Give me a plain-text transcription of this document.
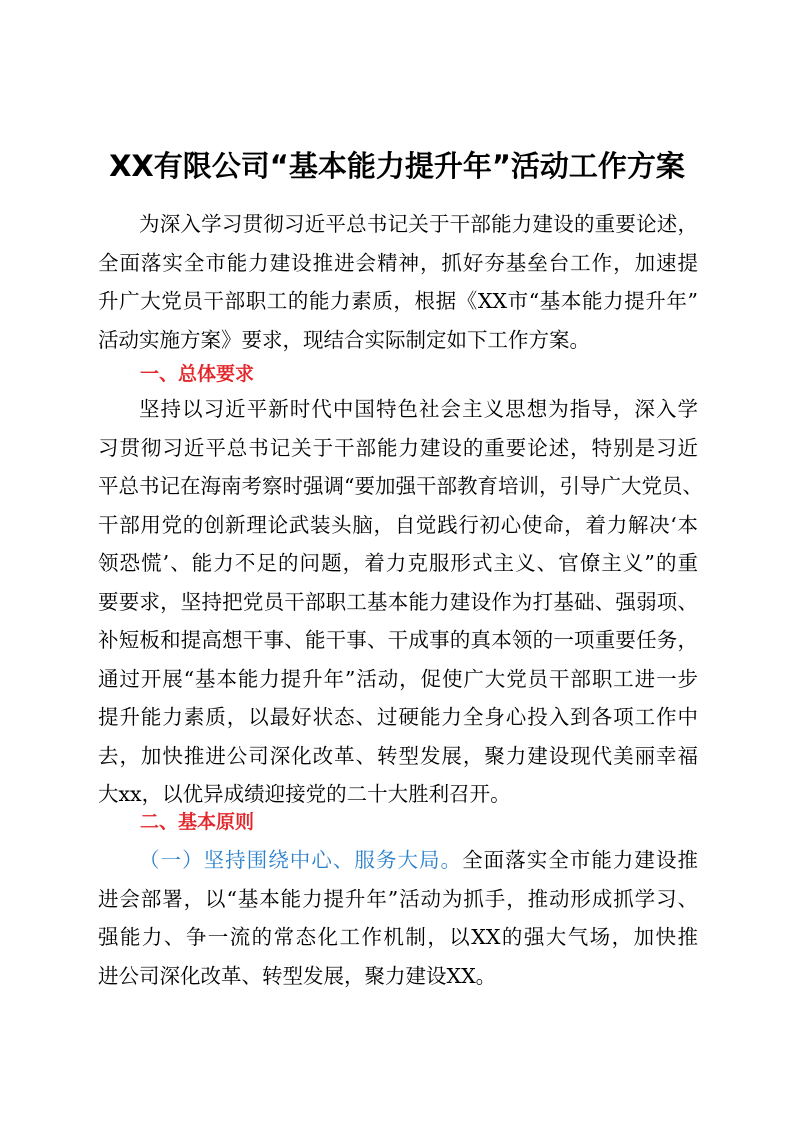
XX有限公司“基本能力提升年”活动工作方案
为深入学习贯彻习近平总书记关于干部能力建设的重要论述，
全面落实全市能力建设推进会精神，抓好夯基垒台工作，加速提
升广大党员干部职工的能力素质，根据《XX市“基本能力提升年”
活动实施方案》要求，现结合实际制定如下工作方案。
一、总体要求
坚持以习近平新时代中国特色社会主义思想为指导，深入学
习贯彻习近平总书记关于干部能力建设的重要论述，特别是习近
平总书记在海南考察时强调“要加强干部教育培训，引导广大党员、
干部用党的创新理论武装头脑，自觉践行初心使命，着力解决‘本
领恐慌’、能力不足的问题，着力克服形式主义、官僚主义”的重
要要求，坚持把党员干部职工基本能力建设作为打基础、强弱项、
补短板和提高想干事、能干事、干成事的真本领的一项重要任务，
通过开展“基本能力提升年”活动，促使广大党员干部职工进一步
提升能力素质，以最好状态、过硬能力全身心投入到各项工作中
去，加快推进公司深化改革、转型发展，聚力建设现代美丽幸福
大xx，以优异成绩迎接党的二十大胜利召开。
二、基本原则
（一）坚持围绕中心、服务大局。全面落实全市能力建设推
进会部署，以“基本能力提升年”活动为抓手，推动形成抓学习、
强能力、争一流的常态化工作机制，以XX的强大气场，加快推
进公司深化改革、转型发展，聚力建设XX。
